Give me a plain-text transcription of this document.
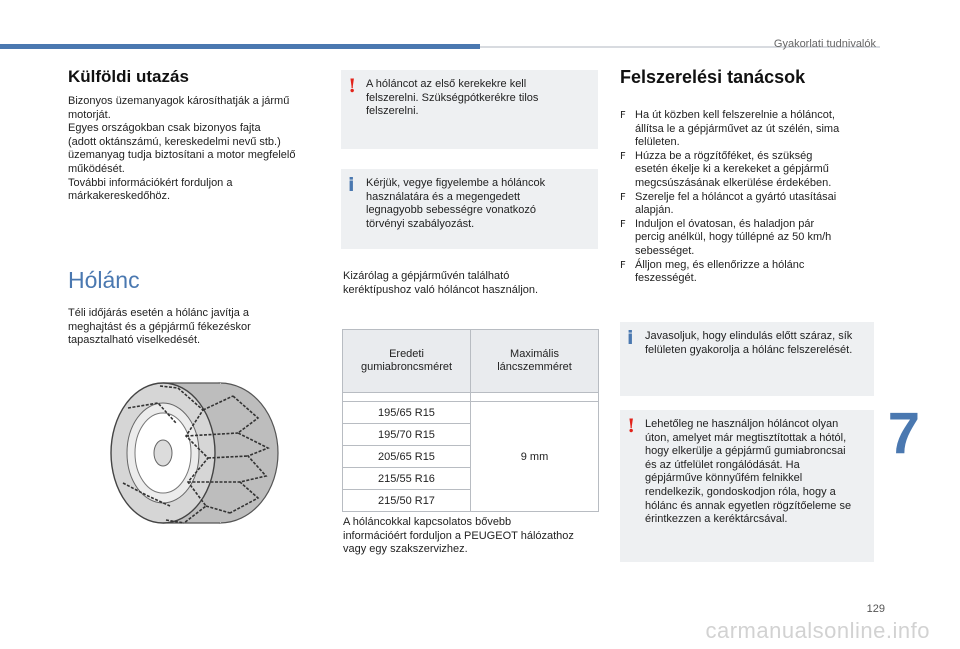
Gyakorlati tudnivalók
Külföldi utazás
Bizonyos üzemanyagok károsíthatják a jármű
motorját.
Egyes országokban csak bizonyos fajta
(adott oktánszámú, kereskedelmi nevű stb.)
üzemanyag tudja biztosítani a motor megfelelő
működését.
További információkért forduljon a
márkakereskedőhöz.
Hólánc
Téli időjárás esetén a hólánc javítja a
meghajtást és a gépjármű fékezéskor
tapasztalható viselkedését.
! A hóláncot az első kerekekre kell
felszerelni. Szükségpótkerékre tilos
felszerelni.
i Kérjük, vegye figyelembe a hóláncok
használatára és a megengedett
legnagyobb sebességre vonatkozó
törvényi szabályozást.
Kizárólag a gépjárművén található
keréktípushoz való hóláncot használjon.
Eredeti
gumiabroncsméret	Maximális
láncszemméret

195/65 R15	9 mm
195/70 R15	
205/65 R15	
215/55 R16	
215/50 R17	
A hóláncokkal kapcsolatos bővebb
információért forduljon a PEUGEOT hálózathoz
vagy egy szakszervizhez.
Felszerelési tanácsok
F Ha út közben kell felszerelnie a hóláncot,
állítsa le a gépjárművet az út szélén, sima
felületen.
F Húzza be a rögzítőféket, és szükség
esetén ékelje ki a kerekeket a gépjármű
megcsúszásának elkerülése érdekében.
F Szerelje fel a hóláncot a gyártó utasításai
alapján.
F Induljon el óvatosan, és haladjon pár
percig anélkül, hogy túllépné az 50 km/h
sebességet.
F Álljon meg, és ellenőrizze a hólánc
feszességét.
i Javasoljuk, hogy elindulás előtt száraz, sík
felületen gyakorolja a hólánc felszerelését.
! Lehetőleg ne használjon hóláncot olyan
úton, amelyet már megtisztítottak a hótól,
hogy elkerülje a gépjármű gumiabroncsai
és az útfelület rongálódását. Ha
gépjárműve könnyűfém felnikkel
rendelkezik, gondoskodjon róla, hogy a
hólánc és annak egyetlen rögzítőeleme se
érintkezzen a keréktárcsával.
7
129
carmanualsonline.info
